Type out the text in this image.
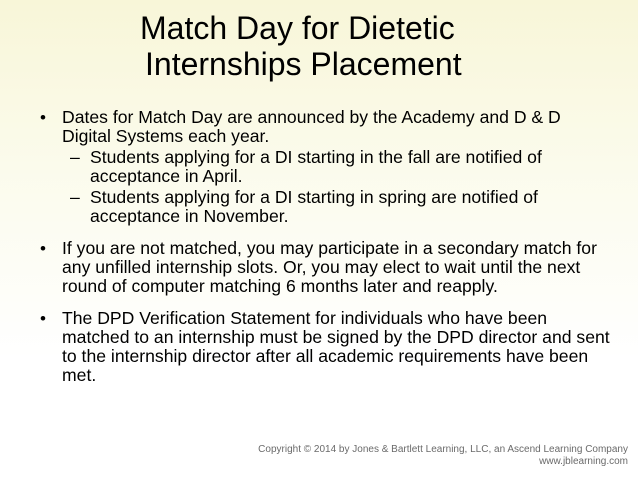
Match Day for Dietetic
Internships Placement
• Dates for Match Day are announced by the Academy and D & D Digital Systems each year.
– Students applying for a DI starting in the fall are notified of acceptance in April.
– Students applying for a DI starting in spring are notified of acceptance in November.
• If you are not matched, you may participate in a secondary match for any unfilled internship slots. Or, you may elect to wait until the next round of computer matching 6 months later and reapply.
• The DPD Verification Statement for individuals who have been matched to an internship must be signed by the DPD director and sent to the internship director after all academic requirements have been met.
Copyright © 2014 by Jones & Bartlett Learning, LLC, an Ascend Learning Company
www.jblearning.com
